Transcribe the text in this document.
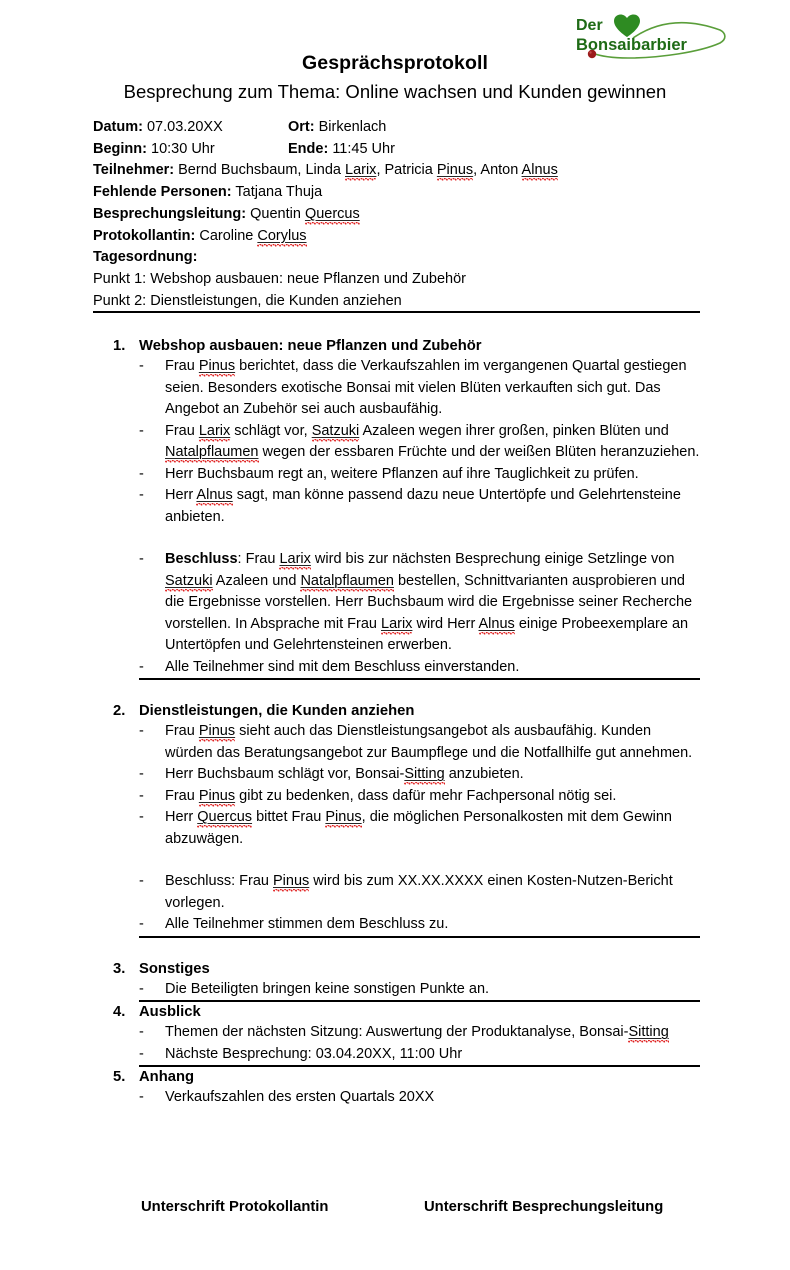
Der
Bonsaibarbier
Gesprächsprotokoll
Besprechung zum Thema: Online wachsen und Kunden gewinnen
Datum: 07.03.20XX	Ort: Birkenlach
Beginn: 10:30 Uhr	Ende: 11:45 Uhr
Teilnehmer: Bernd Buchsbaum, Linda Larix, Patricia Pinus, Anton Alnus
Fehlende Personen: Tatjana Thuja
Besprechungsleitung: Quentin Quercus
Protokollantin: Caroline Corylus
Tagesordnung:
Punkt 1: Webshop ausbauen: neue Pflanzen und Zubehör
Punkt 2: Dienstleistungen, die Kunden anziehen
1. Webshop ausbauen: neue Pflanzen und Zubehör
-	Frau Pinus berichtet, dass die Verkaufszahlen im vergangenen Quartal gestiegen seien. Besonders exotische Bonsai mit vielen Blüten verkauften sich gut. Das Angebot an Zubehör sei auch ausbaufähig.
-	Frau Larix schlägt vor, Satzuki Azaleen wegen ihrer großen, pinken Blüten und Natalpflaumen wegen der essbaren Früchte und der weißen Blüten heranzuziehen.
-	Herr Buchsbaum regt an, weitere Pflanzen auf ihre Tauglichkeit zu prüfen.
-	Herr Alnus sagt, man könne passend dazu neue Untertöpfe und Gelehrtensteine anbieten.
-	Beschluss: Frau Larix wird bis zur nächsten Besprechung einige Setzlinge von Satzuki Azaleen und Natalpflaumen bestellen, Schnittvarianten ausprobieren und die Ergebnisse vorstellen. Herr Buchsbaum wird die Ergebnisse seiner Recherche vorstellen. In Absprache mit Frau Larix wird Herr Alnus einige Probeexemplare an Untertöpfen und Gelehrtensteinen erwerben.
-	Alle Teilnehmer sind mit dem Beschluss einverstanden.
2. Dienstleistungen, die Kunden anziehen
-	Frau Pinus sieht auch das Dienstleistungsangebot als ausbaufähig. Kunden würden das Beratungsangebot zur Baumpflege und die Notfallhilfe gut annehmen.
-	Herr Buchsbaum schlägt vor, Bonsai-Sitting anzubieten.
-	Frau Pinus gibt zu bedenken, dass dafür mehr Fachpersonal nötig sei.
-	Herr Quercus bittet Frau Pinus, die möglichen Personalkosten mit dem Gewinn abzuwägen.
-	Beschluss: Frau Pinus wird bis zum XX.XX.XXXX einen Kosten-Nutzen-Bericht vorlegen.
-	Alle Teilnehmer stimmen dem Beschluss zu.
3. Sonstiges
-	Die Beteiligten bringen keine sonstigen Punkte an.
4. Ausblick
-	Themen der nächsten Sitzung: Auswertung der Produktanalyse, Bonsai-Sitting
-	Nächste Besprechung: 03.04.20XX, 11:00 Uhr
5. Anhang
-	Verkaufszahlen des ersten Quartals 20XX
Unterschrift Protokollantin	Unterschrift Besprechungsleitung
